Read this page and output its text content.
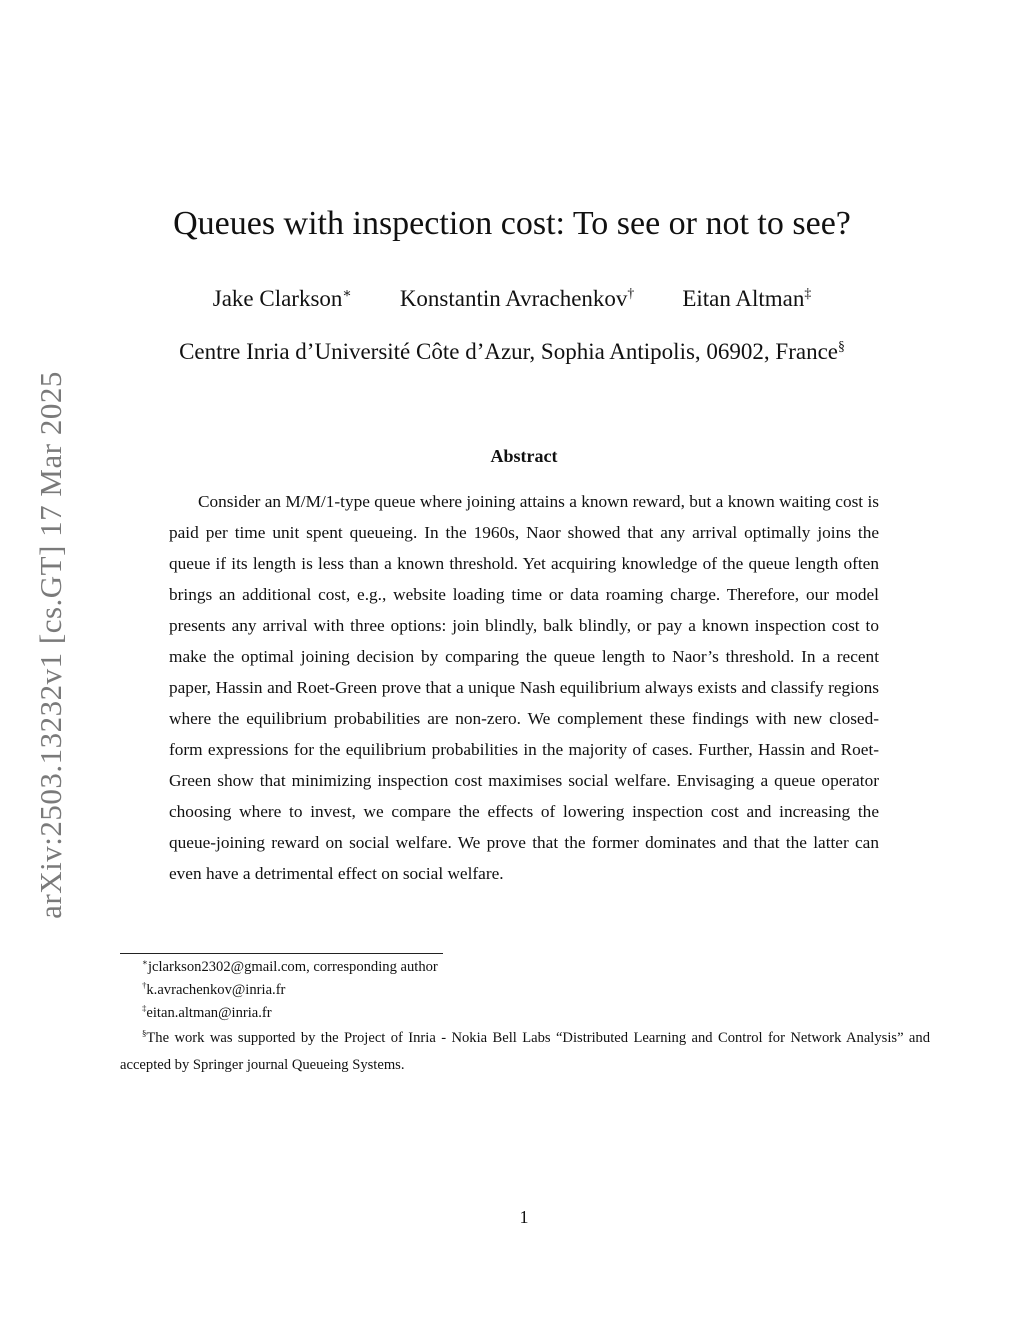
arXiv:2503.13232v1 [cs.GT] 17 Mar 2025
Queues with inspection cost: To see or not to see?
Jake Clarkson∗ Konstantin Avrachenkov† Eitan Altman‡
Centre Inria d’Université Côte d’Azur, Sophia Antipolis, 06902, France§
Abstract

Consider an M/M/1-type queue where joining attains a known reward, but a known waiting cost is paid per time unit spent queueing. In the 1960s, Naor showed that any arrival optimally joins the queue if its length is less than a known threshold. Yet acquiring knowledge of the queue length often brings an additional cost, e.g., website loading time or data roaming charge. Therefore, our model presents any arrival with three options: join blindly, balk blindly, or pay a known inspection cost to make the optimal joining decision by comparing the queue length to Naor’s threshold. In a recent paper, Hassin and Roet-Green prove that a unique Nash equilibrium always exists and classify regions where the equilibrium probabilities are non-zero. We complement these findings with new closed-form expressions for the equilibrium probabilities in the majority of cases. Further, Hassin and Roet-Green show that minimizing inspection cost maximises social welfare. Envisaging a queue operator choosing where to invest, we compare the effects of lowering inspection cost and increasing the queue-joining reward on social welfare. We prove that the former dominates and that the latter can even have a detrimental effect on social welfare.

∗jclarkson2302@gmail.com, corresponding author

†k.avrachenkov@inria.fr

‡eitan.altman@inria.fr

§The work was supported by the Project of Inria - Nokia Bell Labs “Distributed Learning and Control for Network Analysis” and accepted by Springer journal Queueing Systems.

1
